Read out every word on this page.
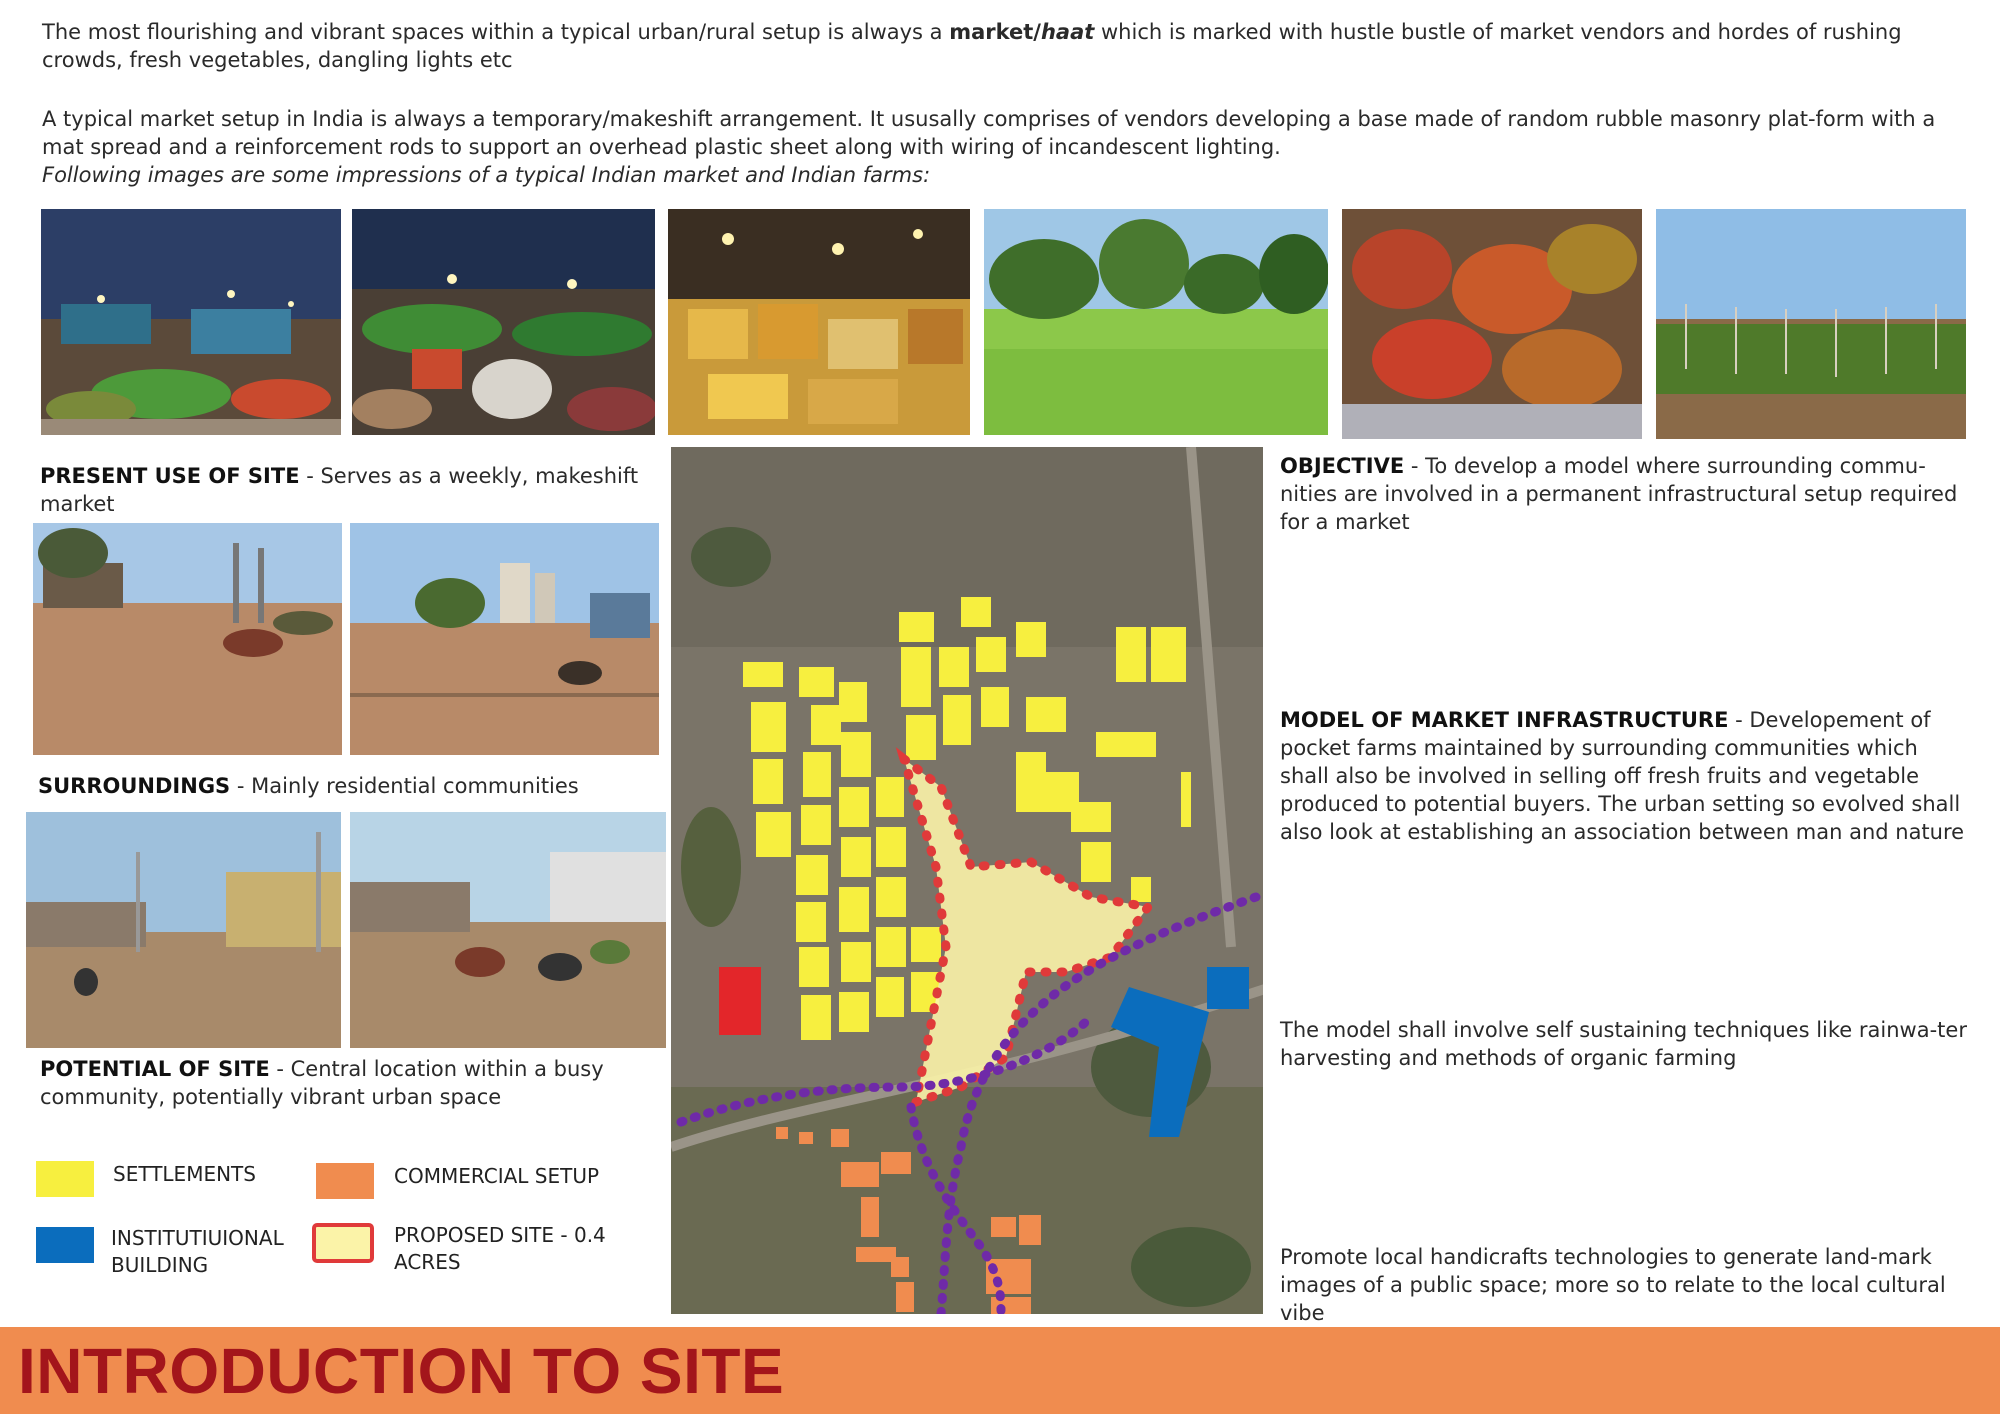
The most flourishing and vibrant spaces within a typical urban/rural setup is always a market/haat which is marked with hustle bustle of market vendors and hordes of rushing crowds, fresh vegetables, dangling lights etc
A typical market setup in India is always a temporary/makeshift arrangement. It ususally comprises of vendors developing a base made of random rubble masonry plat-form with a mat spread and a reinforcement rods to support an overhead plastic sheet along with wiring of incandescent lighting.
Following images are some impressions of a typical Indian market and Indian farms:
PRESENT USE OF SITE - Serves as a weekly, makeshift market
SURROUNDINGS - Mainly residential communities
POTENTIAL OF SITE - Central location within a busy community, potentially vibrant urban space
SETTLEMENTS	COMMERCIAL SETUP
INSTITUTIUIONAL BUILDING
PROPOSED SITE - 0.4 ACRES
OBJECTIVE - To develop a model where surrounding commu-nities are involved in a permanent infrastructural setup required for a market
MODEL OF MARKET INFRASTRUCTURE - Developement of pocket farms maintained by surrounding communities which shall also be involved in selling off fresh fruits and vegetable produced to potential buyers. The urban setting so evolved shall also look at establishing an association between man and nature
The model shall involve self sustaining techniques like rainwa-ter harvesting and methods of organic farming
Promote local handicrafts technologies to generate land-mark images of a public space; more so to relate to the local cultural vibe
INTRODUCTION TO SITE
